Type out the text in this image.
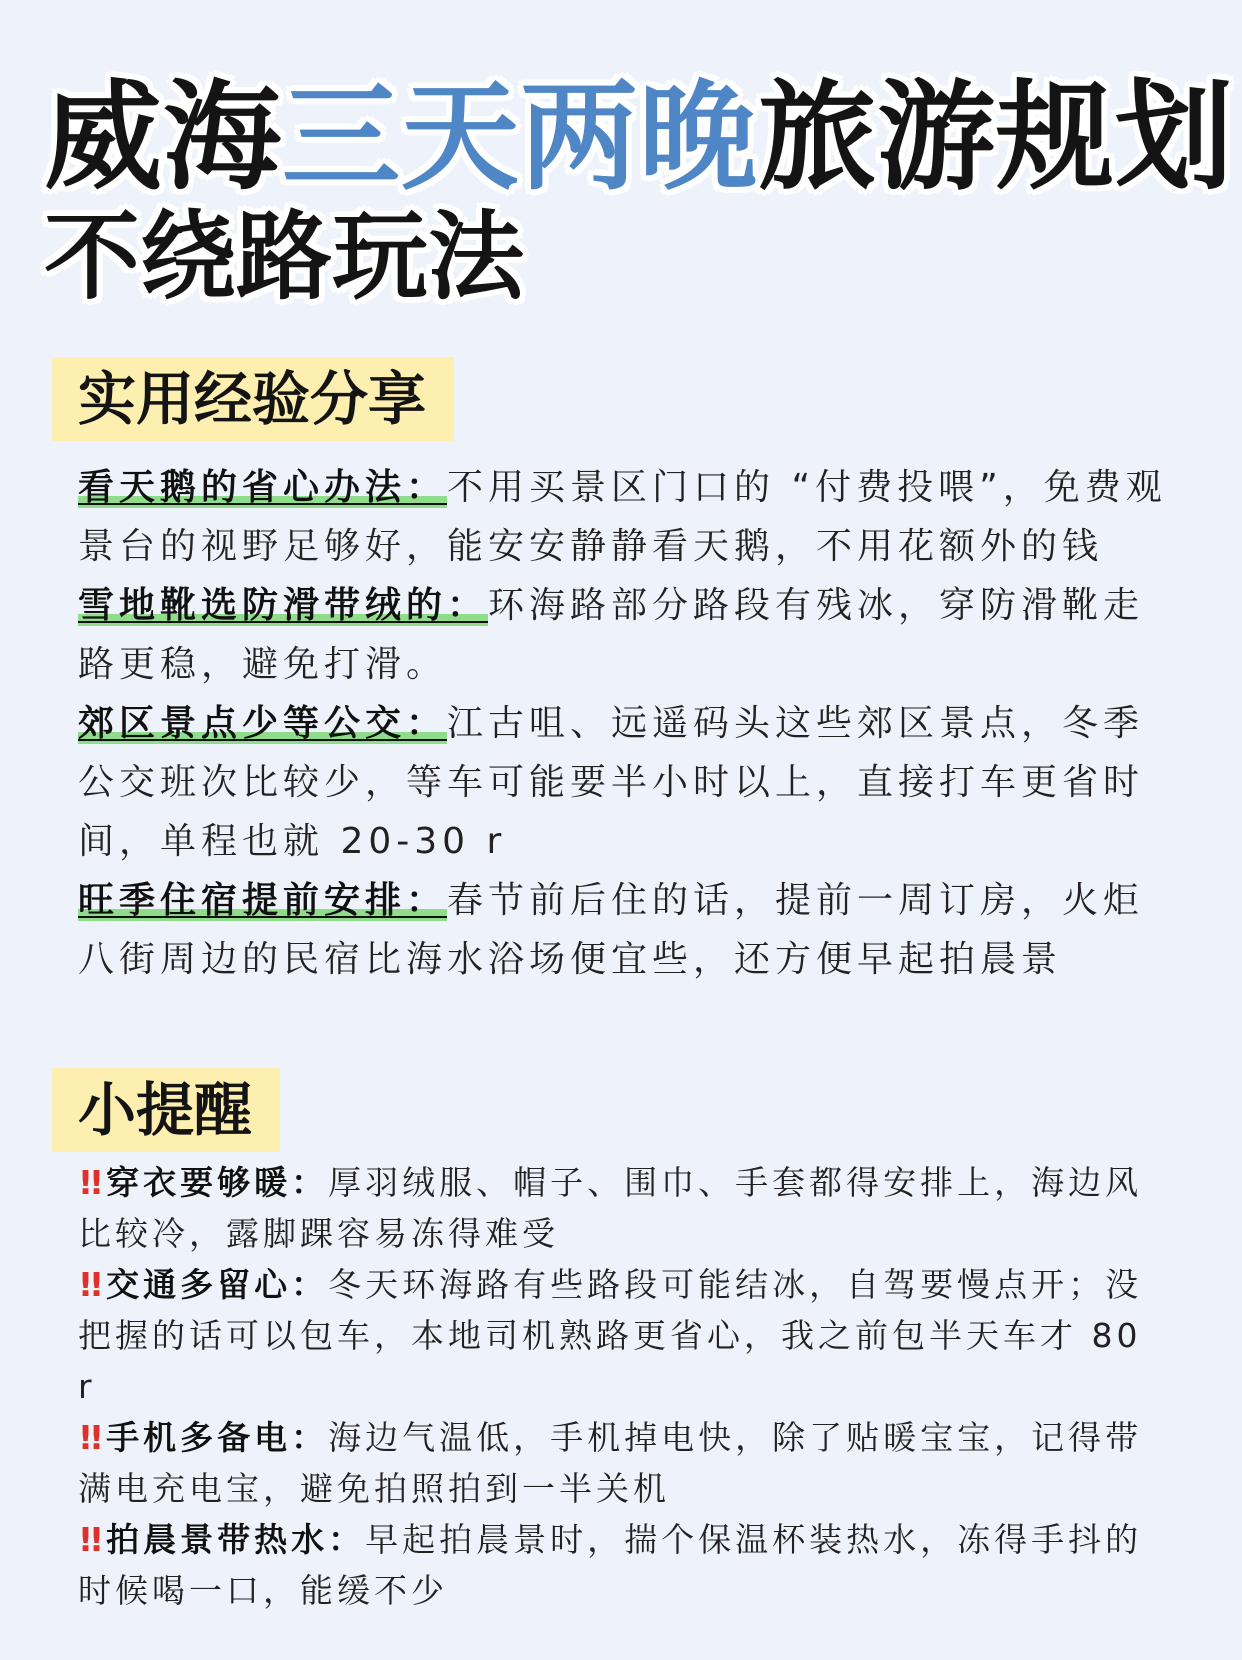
威海 三天两晚 旅游规划
不绕路玩法
实用经验分享
看天鹅的省心办法：不用买景区门口的 “付费投喂”，免费观景台的视野足够好，能安安静静看天鹅，不用花额外的钱
雪地靴选防滑带绒的：环海路部分路段有残冰，穿防滑靴走路更稳，避免打滑。
郊区景点少等公交：江古咀、远遥码头这些郊区景点，冬季公交班次比较少，等车可能要半小时以上，直接打车更省时间，单程也就 20-30 r
旺季住宿提前安排：春节前后住的话，提前一周订房，火炬八街周边的民宿比海水浴场便宜些，还方便早起拍晨景
小提醒
!! 穿衣要够暖：厚羽绒服、帽子、围巾、手套都得安排上，海边风比较冷，露脚踝容易冻得难受
!! 交通多留心：冬天环海路有些路段可能结冰，自驾要慢点开；没把握的话可以包车，本地司机熟路更省心，我之前包半天车才 80 r
!! 手机多备电：海边气温低，手机掉电快，除了贴暖宝宝，记得带满电充电宝，避免拍照拍到一半关机
!! 拍晨景带热水：早起拍晨景时，揣个保温杯装热水，冻得手抖的时候喝一口，能缓不少
